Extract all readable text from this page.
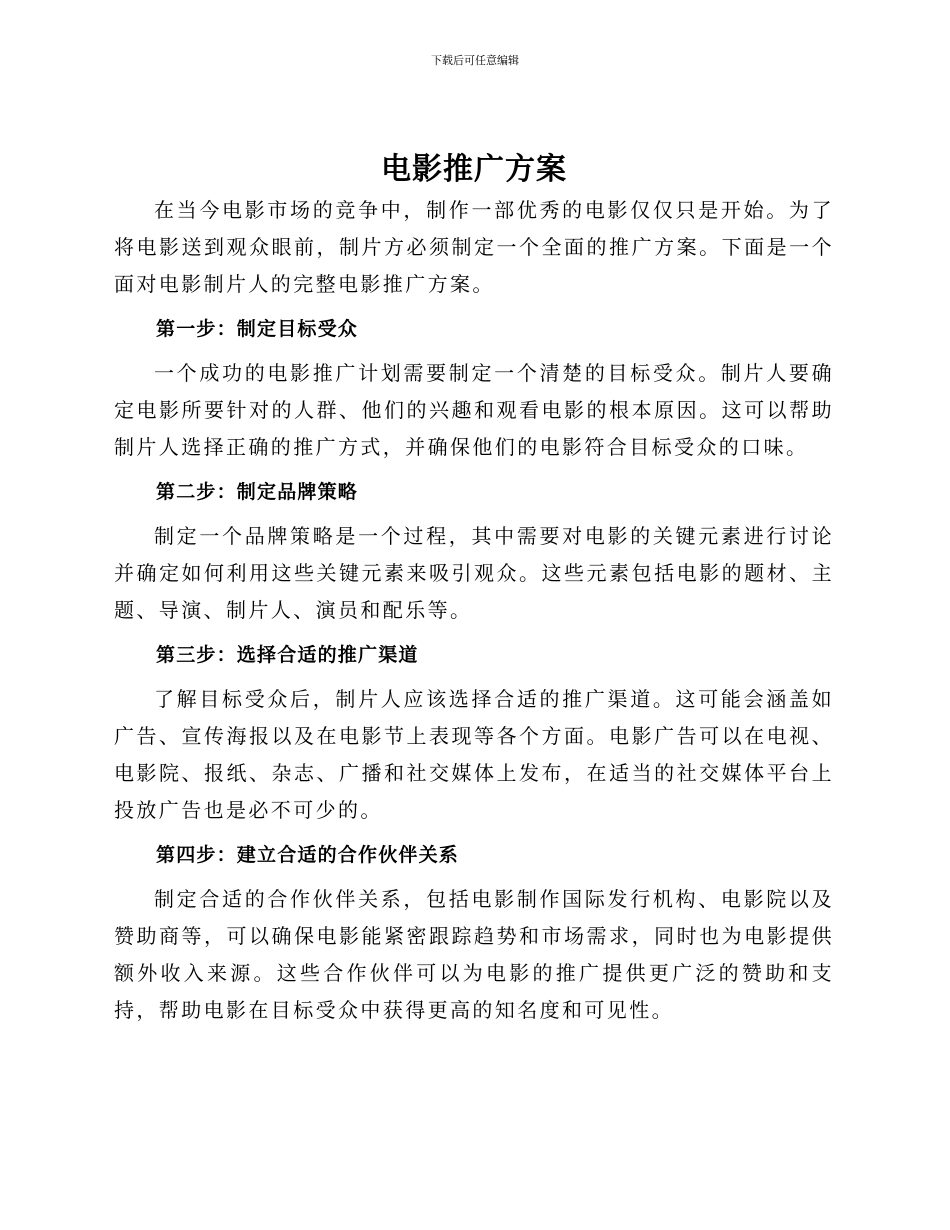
下载后可任意编辑
电影推广方案

在当今电影市场的竞争中，制作一部优秀的电影仅仅只是开始。为了将电影送到观众眼前，制片方必须制定一个全面的推广方案。下面是一个面对电影制片人的完整电影推广方案。

第一步：制定目标受众

一个成功的电影推广计划需要制定一个清楚的目标受众。制片人要确定电影所要针对的人群、他们的兴趣和观看电影的根本原因。这可以帮助制片人选择正确的推广方式，并确保他们的电影符合目标受众的口味。

第二步：制定品牌策略

制定一个品牌策略是一个过程，其中需要对电影的关键元素进行讨论并确定如何利用这些关键元素来吸引观众。这些元素包括电影的题材、主题、导演、制片人、演员和配乐等。

第三步：选择合适的推广渠道

了解目标受众后，制片人应该选择合适的推广渠道。这可能会涵盖如广告、宣传海报以及在电影节上表现等各个方面。电影广告可以在电视、电影院、报纸、杂志、广播和社交媒体上发布，在适当的社交媒体平台上投放广告也是必不可少的。

第四步：建立合适的合作伙伴关系

制定合适的合作伙伴关系，包括电影制作国际发行机构、电影院以及赞助商等，可以确保电影能紧密跟踪趋势和市场需求，同时也为电影提供额外收入来源。这些合作伙伴可以为电影的推广提供更广泛的赞助和支持，帮助电影在目标受众中获得更高的知名度和可见性。
